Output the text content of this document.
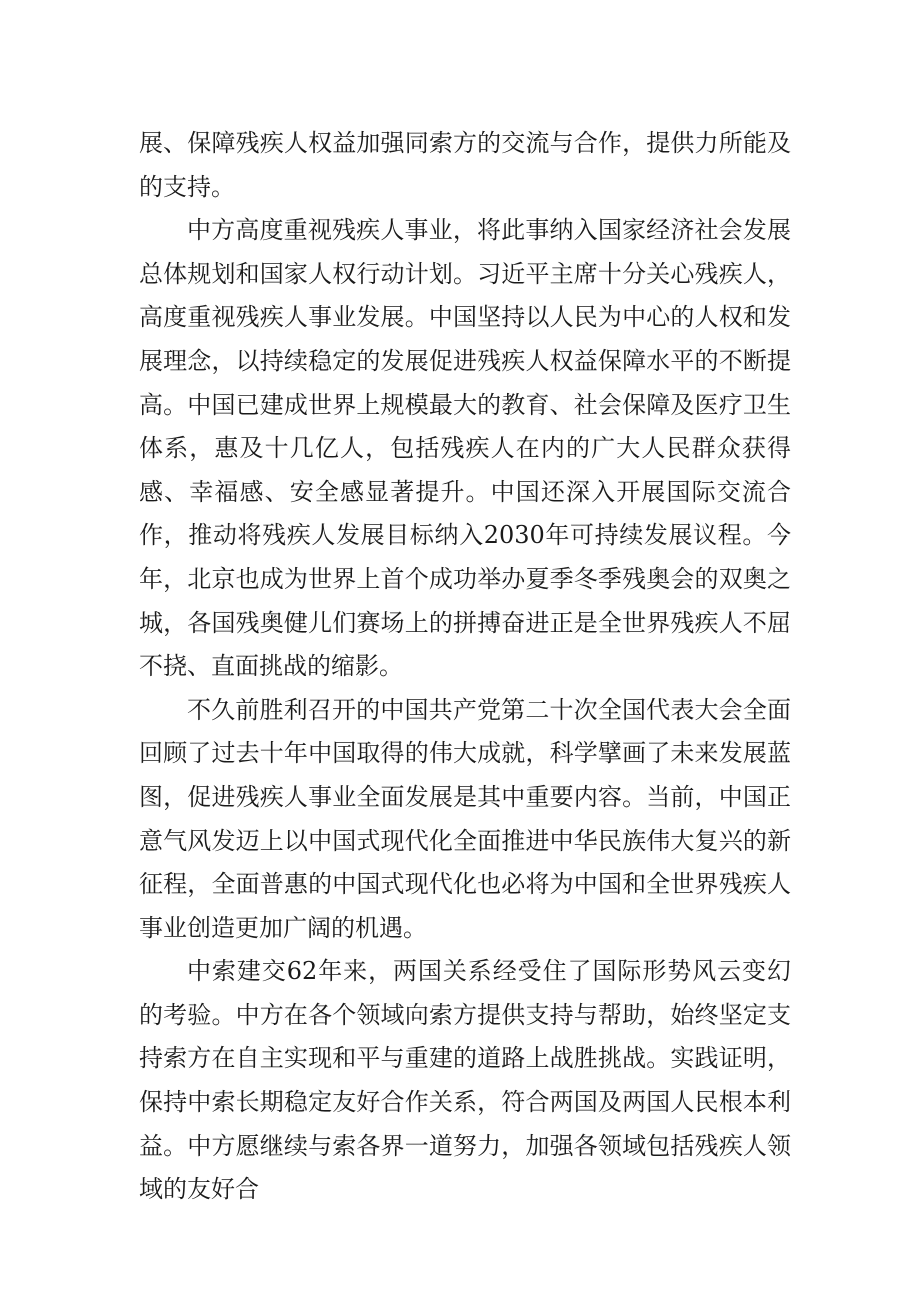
展、保障残疾人权益加强同索方的交流与合作，提供力所能及的支持。

中方高度重视残疾人事业，将此事纳入国家经济社会发展总体规划和国家人权行动计划。习近平主席十分关心残疾人，高度重视残疾人事业发展。中国坚持以人民为中心的人权和发展理念，以持续稳定的发展促进残疾人权益保障水平的不断提高。中国已建成世界上规模最大的教育、社会保障及医疗卫生体系，惠及十几亿人，包括残疾人在内的广大人民群众获得感、幸福感、安全感显著提升。中国还深入开展国际交流合作，推动将残疾人发展目标纳入2030年可持续发展议程。今年，北京也成为世界上首个成功举办夏季冬季残奥会的双奥之城，各国残奥健儿们赛场上的拼搏奋进正是全世界残疾人不屈不挠、直面挑战的缩影。

不久前胜利召开的中国共产党第二十次全国代表大会全面回顾了过去十年中国取得的伟大成就，科学擘画了未来发展蓝图，促进残疾人事业全面发展是其中重要内容。当前，中国正意气风发迈上以中国式现代化全面推进中华民族伟大复兴的新征程，全面普惠的中国式现代化也必将为中国和全世界残疾人事业创造更加广阔的机遇。

中索建交62年来，两国关系经受住了国际形势风云变幻的考验。中方在各个领域向索方提供支持与帮助，始终坚定支持索方在自主实现和平与重建的道路上战胜挑战。实践证明，保持中索长期稳定友好合作关系，符合两国及两国人民根本利益。中方愿继续与索各界一道努力，加强各领域包括残疾人领域的友好合
